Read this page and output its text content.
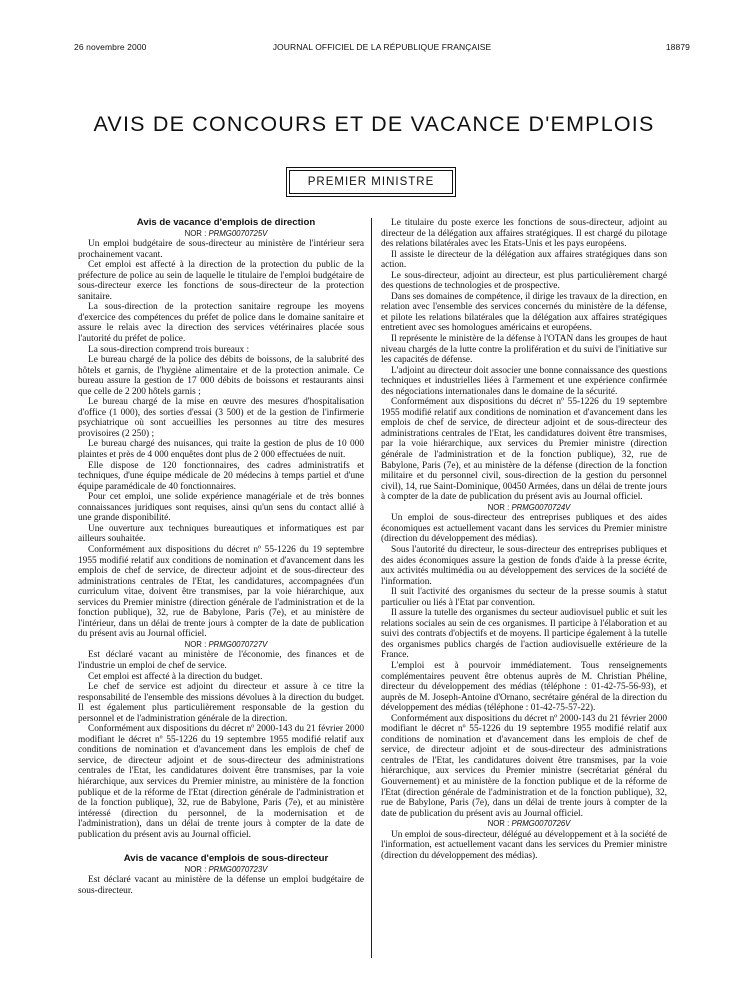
26 novembre 2000	JOURNAL OFFICIEL DE LA RÉPUBLIQUE FRANÇAISE	18879
AVIS DE CONCOURS ET DE VACANCE D'EMPLOIS
PREMIER MINISTRE

Avis de vacance d'emplois de direction

NOR : PRMG0070725V

Un emploi budgétaire de sous-directeur au ministère de l'intérieur sera prochainement vacant.

Cet emploi est affecté à la direction de la protection du public de la préfecture de police au sein de laquelle le titulaire de l'emploi budgétaire de sous-directeur exerce les fonctions de sous-directeur de la protection sanitaire.

La sous-direction de la protection sanitaire regroupe les moyens d'exercice des compétences du préfet de police dans le domaine sanitaire et assure le relais avec la direction des services vétérinaires placée sous l'autorité du préfet de police.

La sous-direction comprend trois bureaux :

Le bureau chargé de la police des débits de boissons, de la salubrité des hôtels et garnis, de l'hygiène alimentaire et de la protection animale. Ce bureau assure la gestion de 17 000 débits de boissons et restaurants ainsi que celle de 2 200 hôtels garnis ;

Le bureau chargé de la mise en œuvre des mesures d'hospitalisation d'office (1 000), des sorties d'essai (3 500) et de la gestion de l'infirmerie psychiatrique où sont accueillies les personnes au titre des mesures provisoires (2 250) ;

Le bureau chargé des nuisances, qui traite la gestion de plus de 10 000 plaintes et près de 4 000 enquêtes dont plus de 2 000 effectuées de nuit.

Elle dispose de 120 fonctionnaires, des cadres administratifs et techniques, d'une équipe médicale de 20 médecins à temps partiel et d'une équipe paramédicale de 40 fonctionnaires.

Pour cet emploi, une solide expérience managériale et de très bonnes connaissances juridiques sont requises, ainsi qu'un sens du contact allié à une grande disponibilité.

Une ouverture aux techniques bureautiques et informatiques est par ailleurs souhaitée.

Conformément aux dispositions du décret nº 55-1226 du 19 septembre 1955 modifié relatif aux conditions de nomination et d'avancement dans les emplois de chef de service, de directeur adjoint et de sous-directeur des administrations centrales de l'Etat, les candidatures, accompagnées d'un curriculum vitae, doivent être transmises, par la voie hiérarchique, aux services du Premier ministre (direction générale de l'administration et de la fonction publique), 32, rue de Babylone, Paris (7e), et au ministère de l'intérieur, dans un délai de trente jours à compter de la date de publication du présent avis au Journal officiel.

NOR : PRMG0070727V

Est déclaré vacant au ministère de l'économie, des finances et de l'industrie un emploi de chef de service.

Cet emploi est affecté à la direction du budget.

Le chef de service est adjoint du directeur et assure à ce titre la responsabilité de l'ensemble des missions dévolues à la direction du budget. Il est également plus particulièrement responsable de la gestion du personnel et de l'administration générale de la direction.

Conformément aux dispositions du décret nº 2000-143 du 21 février 2000 modifiant le décret nº 55-1226 du 19 septembre 1955 modifié relatif aux conditions de nomination et d'avancement dans les emplois de chef de service, de directeur adjoint et de sous-directeur des administrations centrales de l'Etat, les candidatures doivent être transmises, par la voie hiérarchique, aux services du Premier ministre, au ministère de la fonction publique et de la réforme de l'Etat (direction générale de l'administration et de la fonction publique), 32, rue de Babylone, Paris (7e), et au ministère intéressé (direction du personnel, de la modernisation et de l'administration), dans un délai de trente jours à compter de la date de publication du présent avis au Journal officiel.

Avis de vacance d'emplois de sous-directeur

NOR : PRMG0070723V

Est déclaré vacant au ministère de la défense un emploi budgétaire de sous-directeur.

Le titulaire du poste exerce les fonctions de sous-directeur, adjoint au directeur de la délégation aux affaires stratégiques. Il est chargé du pilotage des relations bilatérales avec les Etats-Unis et les pays européens.

Il assiste le directeur de la délégation aux affaires stratégiques dans son action.

Le sous-directeur, adjoint au directeur, est plus particulièrement chargé des questions de technologies et de prospective.

Dans ses domaines de compétence, il dirige les travaux de la direction, en relation avec l'ensemble des services concernés du ministère de la défense, et pilote les relations bilatérales que la délégation aux affaires stratégiques entretient avec ses homologues américains et européens.

Il représente le ministère de la défense à l'OTAN dans les groupes de haut niveau chargés de la lutte contre la prolifération et du suivi de l'initiative sur les capacités de défense.

L'adjoint au directeur doit associer une bonne connaissance des questions techniques et industrielles liées à l'armement et une expérience confirmée des négociations internationales dans le domaine de la sécurité.

Conformément aux dispositions du décret nº 55-1226 du 19 septembre 1955 modifié relatif aux conditions de nomination et d'avancement dans les emplois de chef de service, de directeur adjoint et de sous-directeur des administrations centrales de l'Etat, les candidatures doivent être transmises, par la voie hiérarchique, aux services du Premier ministre (direction générale de l'administration et de la fonction publique), 32, rue de Babylone, Paris (7e), et au ministère de la défense (direction de la fonction militaire et du personnel civil, sous-direction de la gestion du personnel civil), 14, rue Saint-Dominique, 00450 Armées, dans un délai de trente jours à compter de la date de publication du présent avis au Journal officiel.

NOR : PRMG0070724V

Un emploi de sous-directeur des entreprises publiques et des aides économiques est actuellement vacant dans les services du Premier ministre (direction du développement des médias).

Sous l'autorité du directeur, le sous-directeur des entreprises publiques et des aides économiques assure la gestion de fonds d'aide à la presse écrite, aux activités multimédia ou au développement des services de la société de l'information.

Il suit l'activité des organismes du secteur de la presse soumis à statut particulier ou liés à l'Etat par convention.

Il assure la tutelle des organismes du secteur audiovisuel public et suit les relations sociales au sein de ces organismes. Il participe à l'élaboration et au suivi des contrats d'objectifs et de moyens. Il participe également à la tutelle des organismes publics chargés de l'action audiovisuelle extérieure de la France.

L'emploi est à pourvoir immédiatement. Tous renseignements complémentaires peuvent être obtenus auprès de M. Christian Phéline, directeur du développement des médias (téléphone : 01-42-75-56-93), et auprès de M. Joseph-Antoine d'Ornano, secrétaire général de la direction du développement des médias (téléphone : 01-42-75-57-22).

Conformément aux dispositions du décret nº 2000-143 du 21 février 2000 modifiant le décret nº 55-1226 du 19 septembre 1955 modifié relatif aux conditions de nomination et d'avancement dans les emplois de chef de service, de directeur adjoint et de sous-directeur des administrations centrales de l'Etat, les candidatures doivent être transmises, par la voie hiérarchique, aux services du Premier ministre (secrétariat général du Gouvernement) et au ministère de la fonction publique et de la réforme de l'Etat (direction générale de l'administration et de la fonction publique), 32, rue de Babylone, Paris (7e), dans un délai de trente jours à compter de la date de publication du présent avis au Journal officiel.

NOR : PRMG0070726V

Un emploi de sous-directeur, délégué au développement et à la société de l'information, est actuellement vacant dans les services du Premier ministre (direction du développement des médias).
